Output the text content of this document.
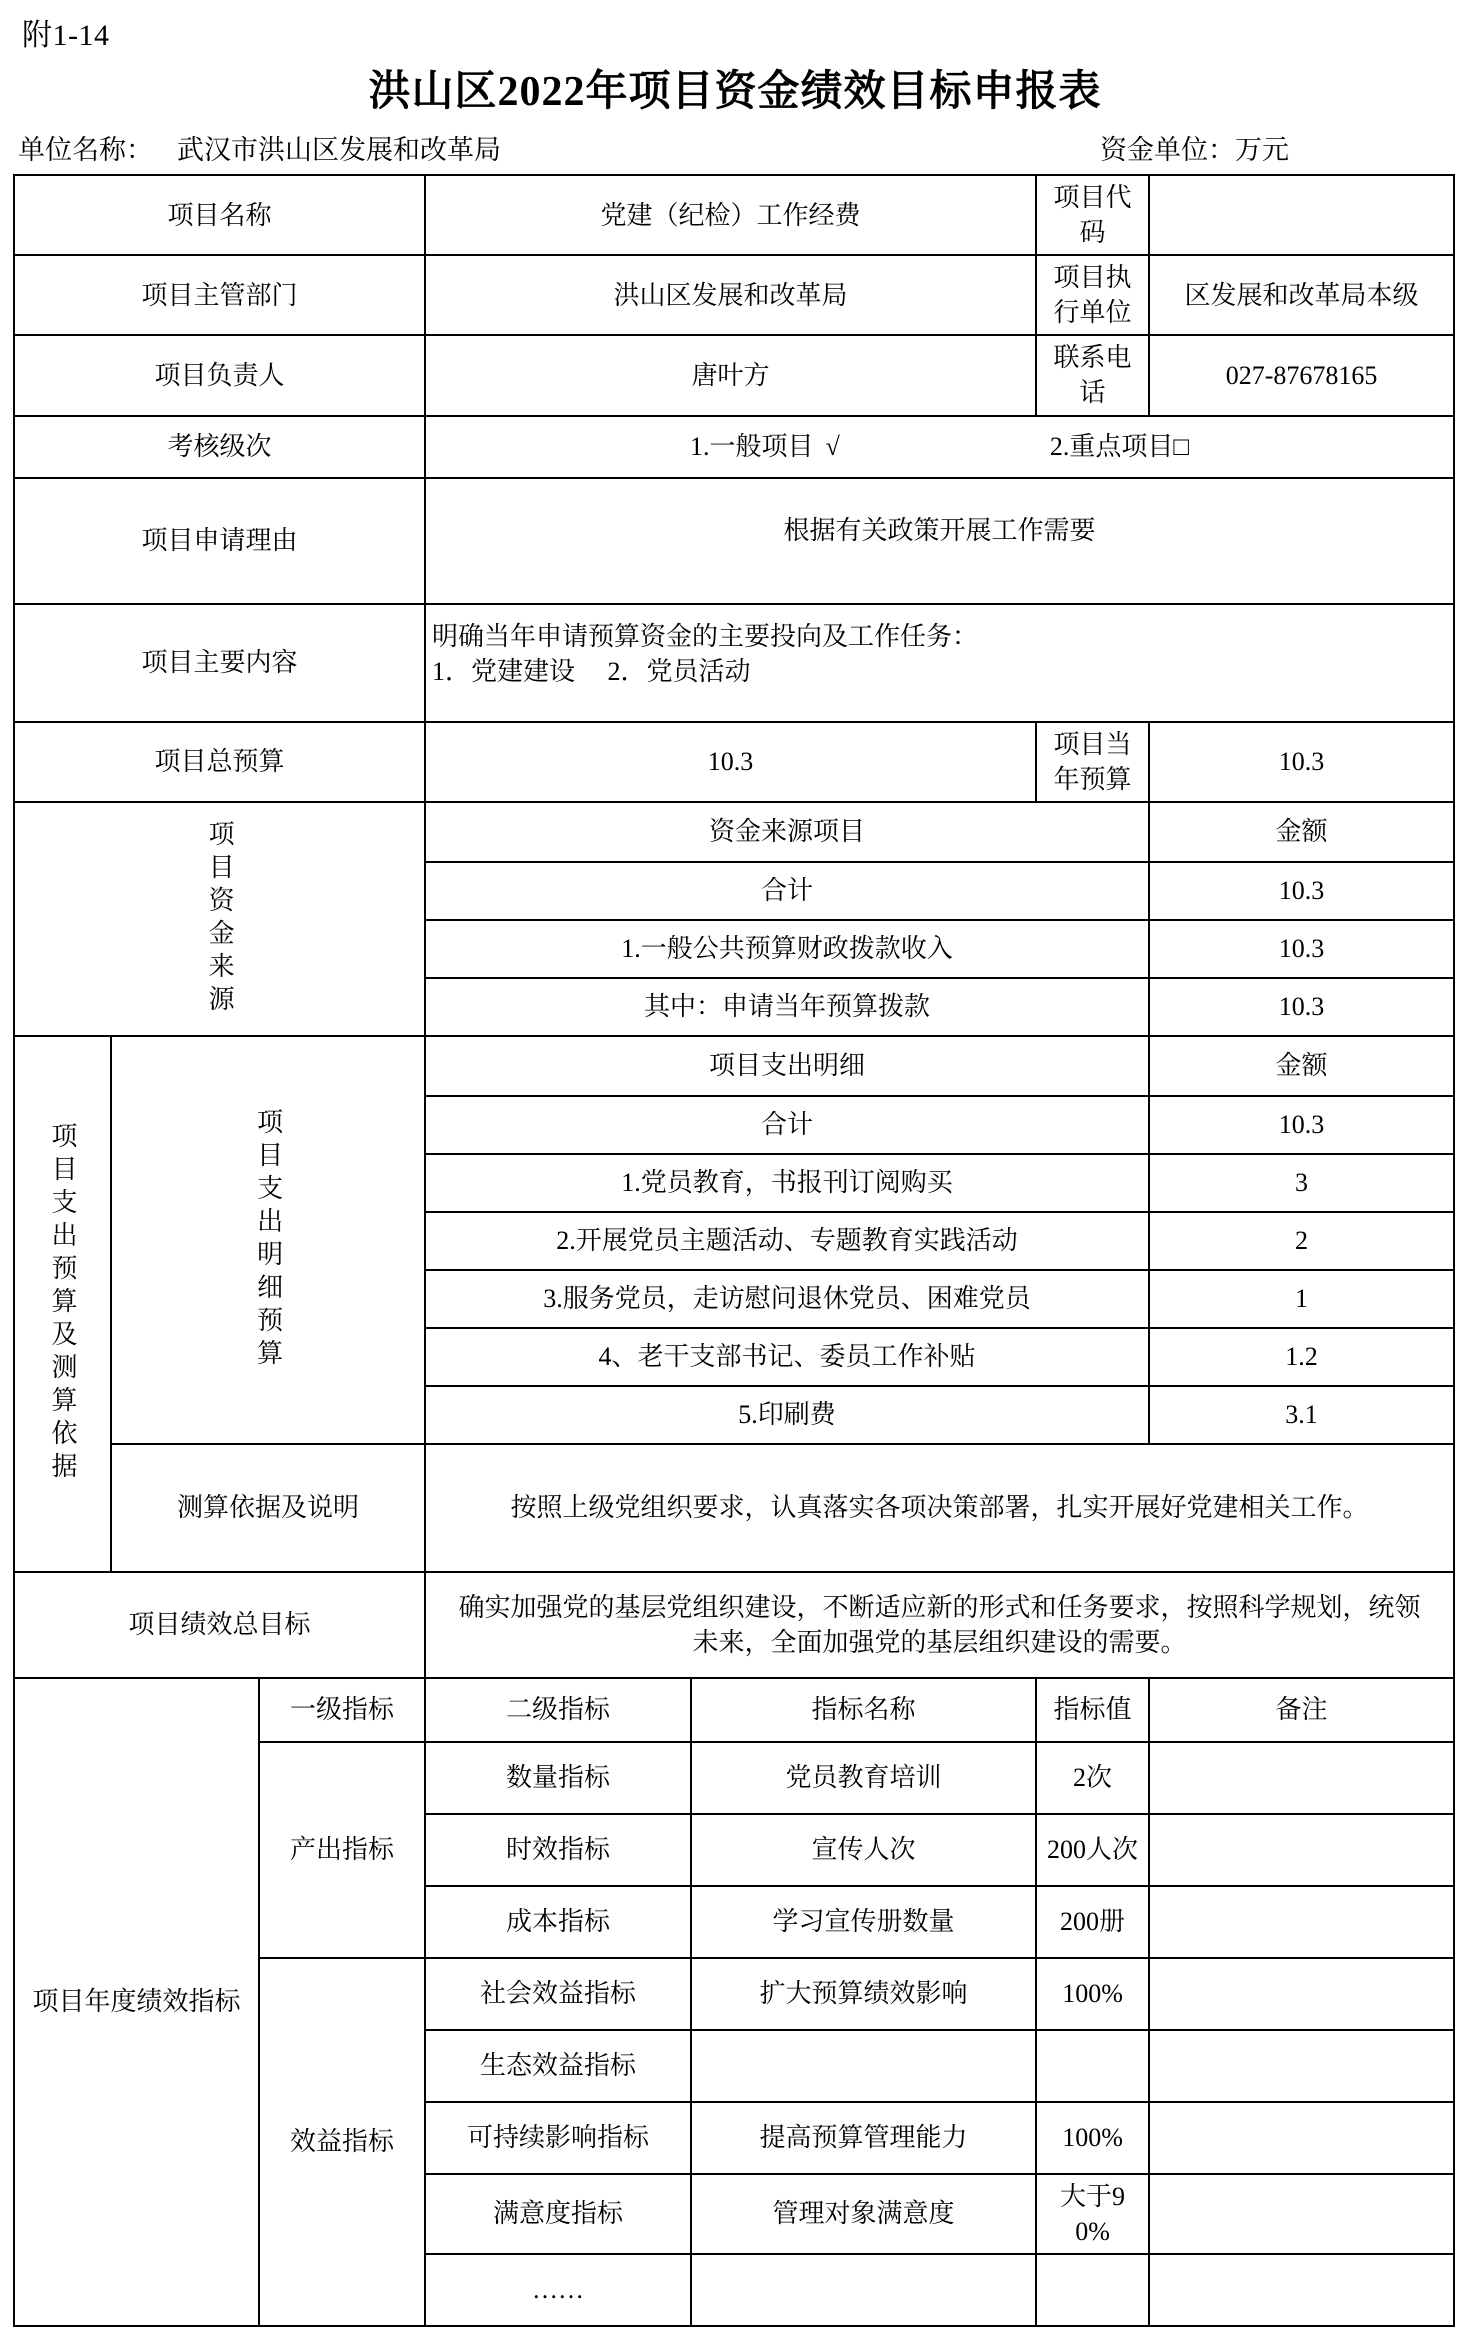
附1-14
洪山区2022年项目资金绩效目标申报表
单位名称： 武汉市洪山区发展和改革局	资金单位：万元
项目名称			党建（纪检）工作经费		项目代码	
项目主管部门			洪山区发展和改革局		项目执行单位	区发展和改革局本级
项目负责人			唐叶方		联系电话	027-87678165
考核级次			1.一般项目 √ 2.重点项目□			
项目申请理由			根据有关政策开展工作需要			
项目主要内容			明确当年申请预算资金的主要投向及工作任务：
1．党建建设　 2．党员活动			

项目总预算			10.3		项目当年预算	10.3
项目资金来源			资金来源项目			金额
			合计			10.3
			1.一般公共预算财政拨款收入			10.3
			其中：申请当年预算拨款			10.3
项目支出预算及测算依据	项目支出明细预算		项目支出明细			金额
			合计			10.3
			1.党员教育，书报刊订阅购买			3
			2.开展党员主题活动、专题教育实践活动			2
			3.服务党员，走访慰问退休党员、困难党员			1
			4、老干支部书记、委员工作补贴			1.2
			5.印刷费			3.1

	测算依据及说明		按照上级党组织要求，认真落实各项决策部署，扎实开展好党建相关工作。			
项目绩效总目标			确实加强党的基层党组织建设，不断适应新的形式和任务要求，按照科学规划，统领
未来，全面加强党的基层组织建设的需要。			

项目年度绩效指标		一级指标	二级指标	指标名称	指标值	备注
		产出指标	数量指标	党员教育培训	2次	
			时效指标	宣传人次	200人次	
			成本指标	学习宣传册数量	200册	
		效益指标	社会效益指标	扩大预算绩效影响	100%	
			生态效益指标			
			可持续影响指标	提高预算管理能力	100%	
			满意度指标	管理对象满意度	大于90%	
			……			
